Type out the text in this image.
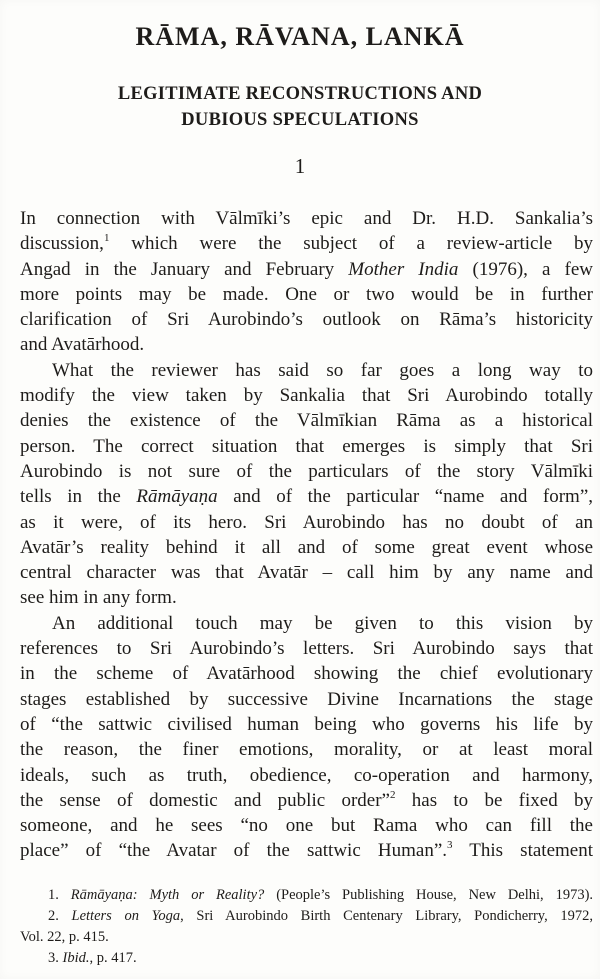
RĀMA, RĀVANA, LANKĀ
LEGITIMATE RECONSTRUCTIONS AND
DUBIOUS SPECULATIONS
1
In connection with Vālmīki’s epic and Dr. H.D. Sankalia’s
discussion,$^1$ which were the subject of a review-article by
Angad in the January and February Mother India (1976), a few
more points may be made. One or two would be in further
clarification of Sri Aurobindo’s outlook on Rāma’s historicity
and Avatārhood.
What the reviewer has said so far goes a long way to
modify the view taken by Sankalia that Sri Aurobindo totally
denies the existence of the Vālmīkian Rāma as a historical
person. The correct situation that emerges is simply that Sri
Aurobindo is not sure of the particulars of the story Vālmīki
tells in the Rāmāyaṇa and of the particular “name and form”,
as it were, of its hero. Sri Aurobindo has no doubt of an
Avatār’s reality behind it all and of some great event whose
central character was that Avatār – call him by any name and
see him in any form.
An additional touch may be given to this vision by
references to Sri Aurobindo’s letters. Sri Aurobindo says that
in the scheme of Avatārhood showing the chief evolutionary
stages established by successive Divine Incarnations the stage
of “the sattwic civilised human being who governs his life by
the reason, the finer emotions, morality, or at least moral
ideals, such as truth, obedience, co-operation and harmony,
the sense of domestic and public order”$^2$ has to be fixed by
someone, and he sees “no one but Rama who can fill the
place” of “the Avatar of the sattwic Human”.$^3$ This statement
1. Rāmāyaṇa: Myth or Reality? (People’s Publishing House, New Delhi, 1973).
2. Letters on Yoga, Sri Aurobindo Birth Centenary Library, Pondicherry, 1972,
Vol. 22, p. 415.
3. Ibid., p. 417.
